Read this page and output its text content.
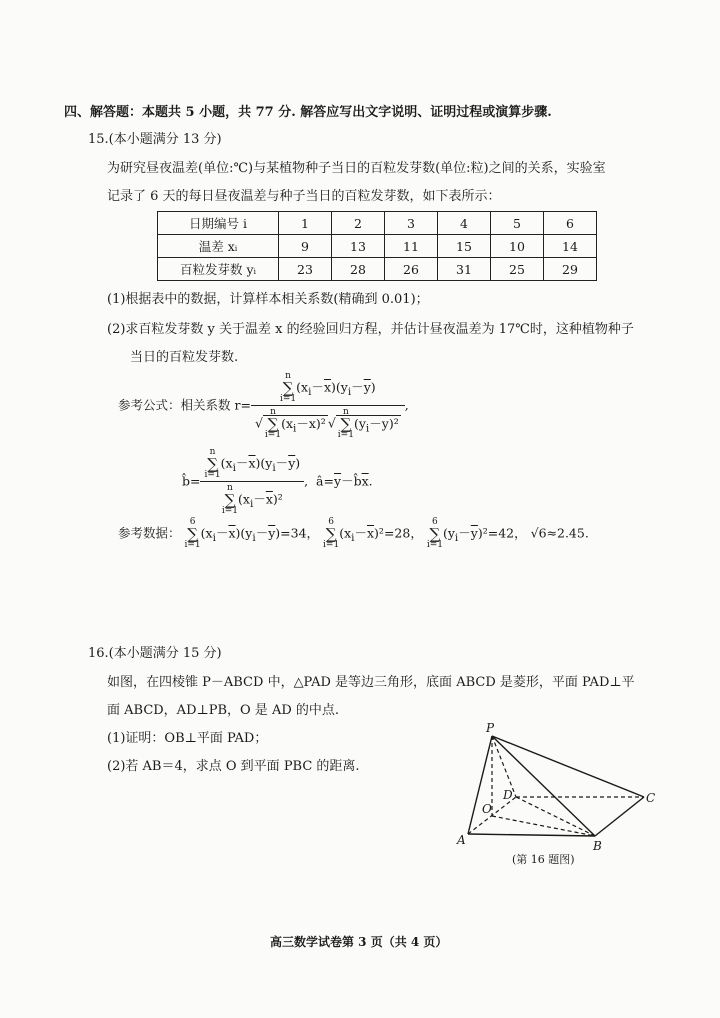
四、解答题：本题共 5 小题，共 77 分. 解答应写出文字说明、证明过程或演算步骤.
15.(本小题满分 13 分)
为研究昼夜温差(单位:℃)与某植物种子当日的百粒发芽数(单位:粒)之间的关系，实验室
记录了 6 天的每日昼夜温差与种子当日的百粒发芽数，如下表所示：
日期编号 i	1	2	3	4	5	6
温差 xᵢ	9	13	11	15	10	14
百粒发芽数 yᵢ	23	28	26	31	25	29
(1)根据表中的数据，计算样本相关系数(精确到 0.01)；
(2)求百粒发芽数 y 关于温差 x 的经验回归方程，并估计昼夜温差为 17℃时，这种植物种子
当日的百粒发芽数.
参考公式：相关系数 r= n
∑
$i=1(x_i-\overline{x})(y_i-\overline{y})$
√n
∑
$i=1(x_i-\overline{x})^2$ √n
∑
$i=1(y_i-\overline{y})^2$ ,
b̂= n
∑
$i=1(x_i-\overline{x})(y_i-\overline{y})$
n
∑
$i=1(x_i-\overline{x})^2$ ,  $â=\overline{y}-b̂\overline{x}$.
参考数据： 6
∑
$i=1(x_i-\overline{x})(y_i-\overline{y})=34$， 6
∑
$i=1(x_i-\overline{x})^2=28$， 6
∑
$i=1(y_i-\overline{y})^2=42$， √6≈2.45.
16.(本小题满分 15 分)
如图，在四棱锥 P－ABCD 中，△PAD 是等边三角形，底面 ABCD 是菱形，平面 PAD⊥平
面 ABCD，AD⊥PB，O 是 AD 的中点.
(1)证明：OB⊥平面 PAD；
(2)若 AB＝4，求点 O 到平面 PBC 的距离.
P
A	B
C
D
O
(第 16 题图)
高三数学试卷第 3 页（共 4 页）
